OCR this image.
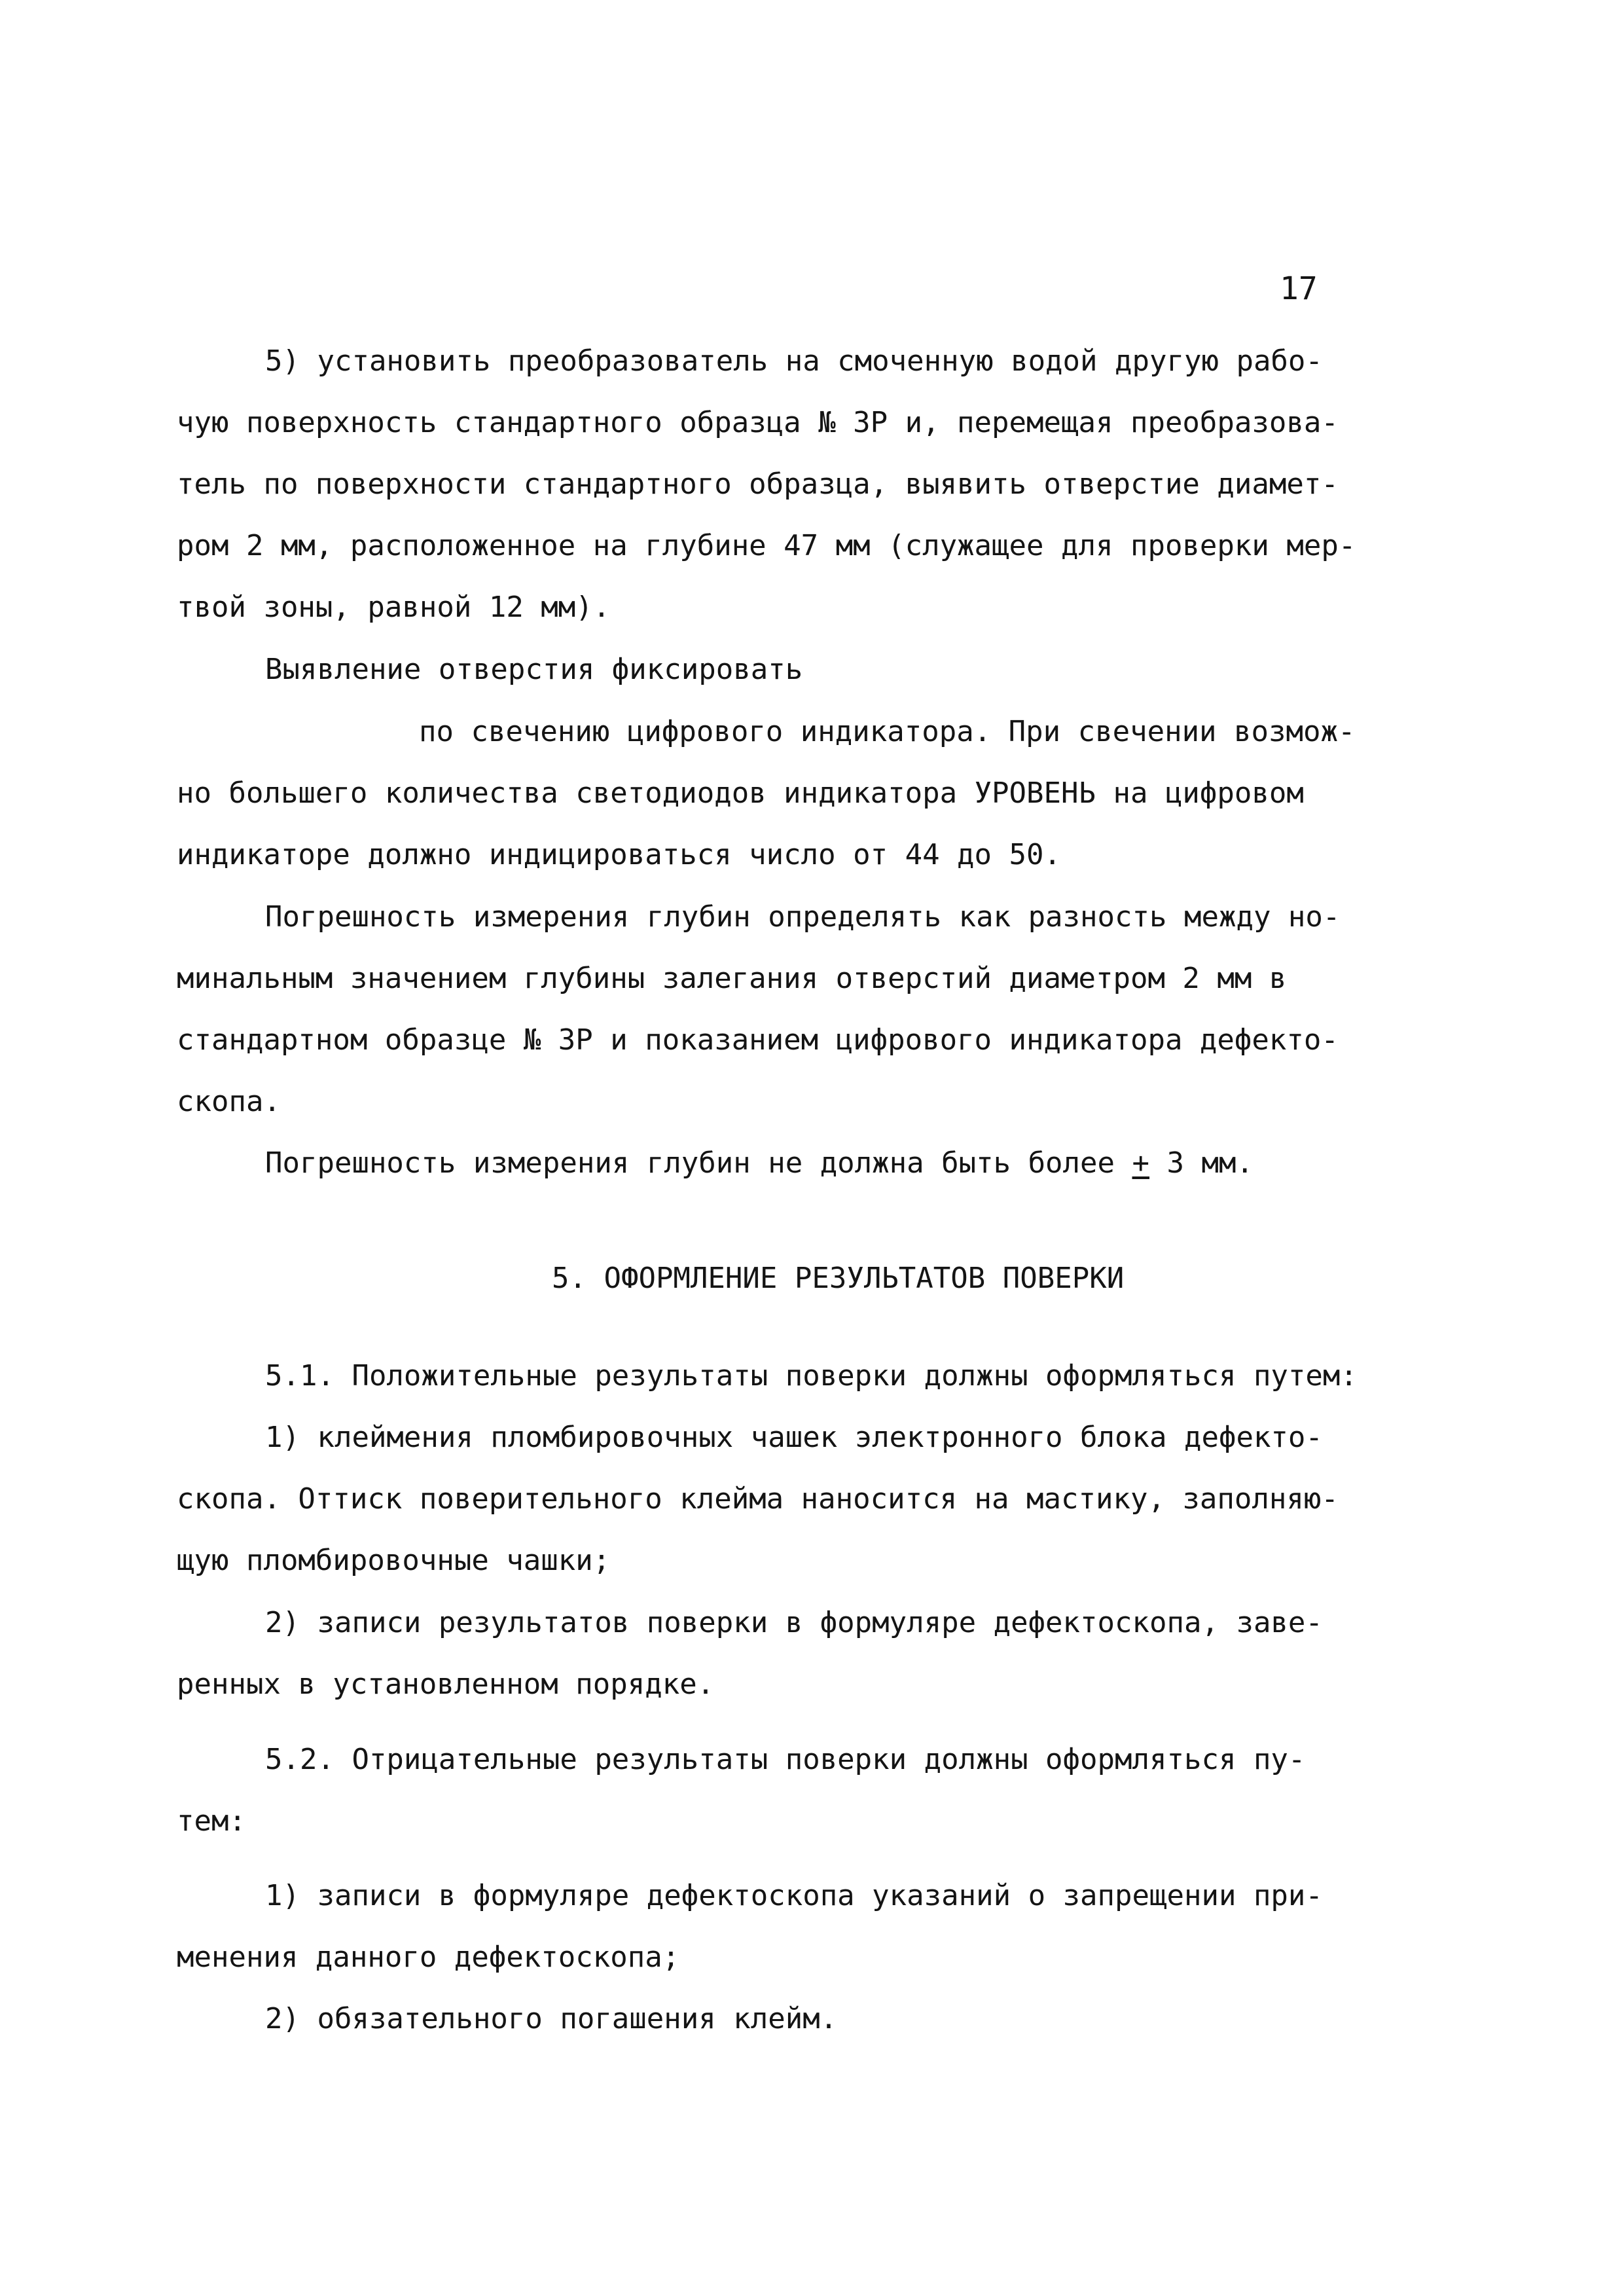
17
5) установить преобразователь на смоченную водой другую рабо-
чую поверхность стандартного образца № 3Р и, перемещая преобразова-
тель по поверхности стандартного образца, выявить отверстие диамет-
ром 2 мм, расположенное на глубине 47 мм (служащее для проверки мер-
твой зоны, равной 12 мм).
Выявление отверстия фиксировать
по свечению цифрового индикатора. При свечении возмож-
но большего количества светодиодов индикатора УРОВЕНЬ на цифровом
индикаторе должно индицироваться число от 44 до 50.
Погрешность измерения глубин определять как разность между но-
минальным значением глубины залегания отверстий диаметром 2 мм в
стандартном образце № 3Р и показанием цифрового индикатора дефекто-
скопа.
Погрешность измерения глубин не должна быть более + 3 мм.
5. ОФОРМЛЕНИЕ РЕЗУЛЬТАТОВ ПОВЕРКИ
5.1. Положительные результаты поверки должны оформляться путем:
1) клеймения пломбировочных чашек электронного блока дефекто-
скопа. Оттиск поверительного клейма наносится на мастику, заполняю-
щую пломбировочные чашки;
2) записи результатов поверки в формуляре дефектоскопа, заве-
ренных в установленном порядке.
5.2. Отрицательные результаты поверки должны оформляться пу-
тем:
1) записи в формуляре дефектоскопа указаний о запрещении при-
менения данного дефектоскопа;
2) обязательного погашения клейм.
